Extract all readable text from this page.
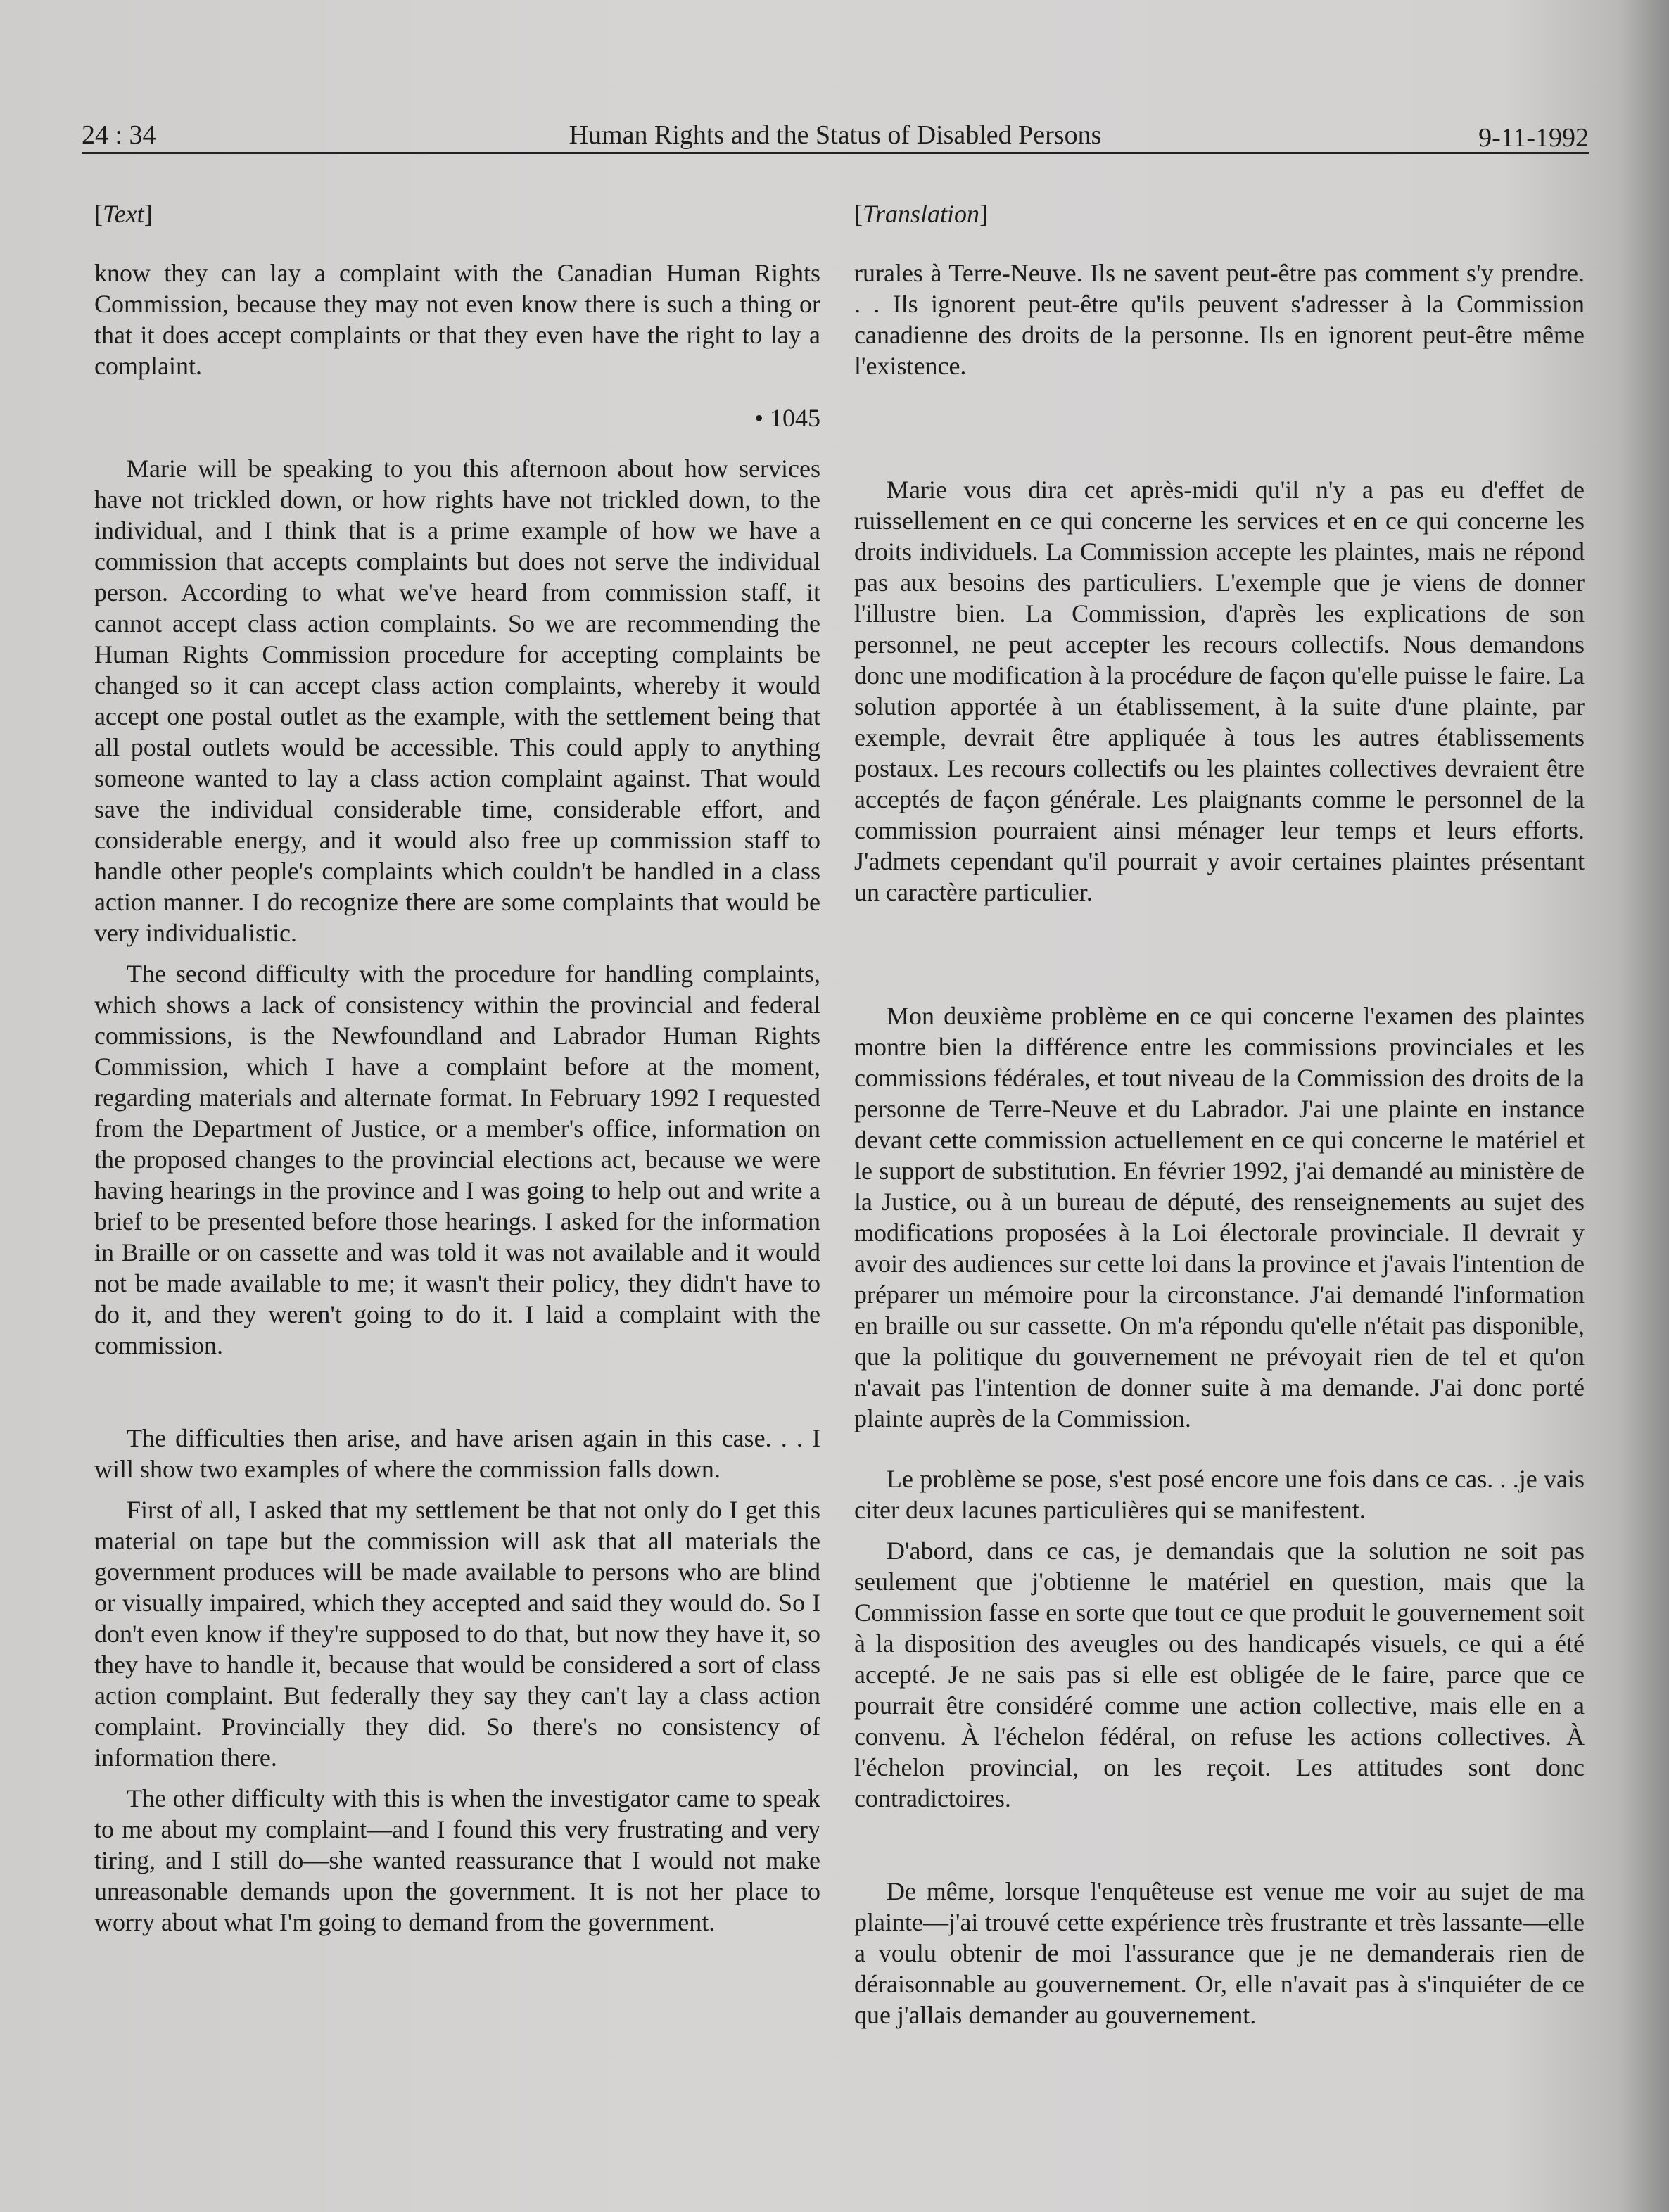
24 : 34	Human Rights and the Status of Disabled Persons	9-11-1992
[Text]

know they can lay a complaint with the Canadian Human Rights Commission, because they may not even know there is such a thing or that it does accept complaints or that they even have the right to lay a complaint.

• 1045

Marie will be speaking to you this afternoon about how services have not trickled down, or how rights have not trickled down, to the individual, and I think that is a prime example of how we have a commission that accepts complaints but does not serve the individual person. According to what we've heard from commission staff, it cannot accept class action complaints. So we are recommending the Human Rights Commission procedure for accepting complaints be changed so it can accept class action complaints, whereby it would accept one postal outlet as the example, with the settlement being that all postal outlets would be accessible. This could apply to anything someone wanted to lay a class action complaint against. That would save the individual considerable time, considerable effort, and considerable energy, and it would also free up commission staff to handle other people's complaints which couldn't be handled in a class action manner. I do recognize there are some complaints that would be very individualistic.

The second difficulty with the procedure for handling complaints, which shows a lack of consistency within the provincial and federal commissions, is the Newfoundland and Labrador Human Rights Commission, which I have a complaint before at the moment, regarding materials and alternate format. In February 1992 I requested from the Department of Justice, or a member's office, information on the proposed changes to the provincial elections act, because we were having hearings in the province and I was going to help out and write a brief to be presented before those hearings. I asked for the information in Braille or on cassette and was told it was not available and it would not be made available to me; it wasn't their policy, they didn't have to do it, and they weren't going to do it. I laid a complaint with the commission.

The difficulties then arise, and have arisen again in this case. . . I will show two examples of where the commission falls down.

First of all, I asked that my settlement be that not only do I get this material on tape but the commission will ask that all materials the government produces will be made available to persons who are blind or visually impaired, which they accepted and said they would do. So I don't even know if they're supposed to do that, but now they have it, so they have to handle it, because that would be considered a sort of class action complaint. But federally they say they can't lay a class action complaint. Provincially they did. So there's no consistency of information there.

The other difficulty with this is when the investigator came to speak to me about my complaint—and I found this very frustrating and very tiring, and I still do—she wanted reassurance that I would not make unreasonable demands upon the government. It is not her place to worry about what I'm going to demand from the government.

[Translation]

rurales à Terre-Neuve. Ils ne savent peut-être pas comment s'y prendre. . . Ils ignorent peut-être qu'ils peuvent s'adresser à la Commission canadienne des droits de la personne. Ils en ignorent peut-être même l'existence.

Marie vous dira cet après-midi qu'il n'y a pas eu d'effet de ruissellement en ce qui concerne les services et en ce qui concerne les droits individuels. La Commission accepte les plaintes, mais ne répond pas aux besoins des particuliers. L'exemple que je viens de donner l'illustre bien. La Commission, d'après les explications de son personnel, ne peut accepter les recours collectifs. Nous demandons donc une modification à la procédure de façon qu'elle puisse le faire. La solution apportée à un établissement, à la suite d'une plainte, par exemple, devrait être appliquée à tous les autres établissements postaux. Les recours collectifs ou les plaintes collectives devraient être acceptés de façon générale. Les plaignants comme le personnel de la commission pourraient ainsi ménager leur temps et leurs efforts. J'admets cependant qu'il pourrait y avoir certaines plaintes présentant un caractère particulier.

Mon deuxième problème en ce qui concerne l'examen des plaintes montre bien la différence entre les commissions provinciales et les commissions fédérales, et tout niveau de la Commission des droits de la personne de Terre-Neuve et du Labrador. J'ai une plainte en instance devant cette commission actuellement en ce qui concerne le matériel et le support de substitution. En février 1992, j'ai demandé au ministère de la Justice, ou à un bureau de député, des renseignements au sujet des modifications proposées à la Loi électorale provinciale. Il devrait y avoir des audiences sur cette loi dans la province et j'avais l'intention de préparer un mémoire pour la circonstance. J'ai demandé l'information en braille ou sur cassette. On m'a répondu qu'elle n'était pas disponible, que la politique du gouvernement ne prévoyait rien de tel et qu'on n'avait pas l'intention de donner suite à ma demande. J'ai donc porté plainte auprès de la Commission.

Le problème se pose, s'est posé encore une fois dans ce cas. . .je vais citer deux lacunes particulières qui se manifestent.

D'abord, dans ce cas, je demandais que la solution ne soit pas seulement que j'obtienne le matériel en question, mais que la Commission fasse en sorte que tout ce que produit le gouvernement soit à la disposition des aveugles ou des handicapés visuels, ce qui a été accepté. Je ne sais pas si elle est obligée de le faire, parce que ce pourrait être considéré comme une action collective, mais elle en a convenu. À l'échelon fédéral, on refuse les actions collectives. À l'échelon provincial, on les reçoit. Les attitudes sont donc contradictoires.

De même, lorsque l'enquêteuse est venue me voir au sujet de ma plainte—j'ai trouvé cette expérience très frustrante et très lassante—elle a voulu obtenir de moi l'assurance que je ne demanderais rien de déraisonnable au gouvernement. Or, elle n'avait pas à s'inquiéter de ce que j'allais demander au gouvernement.
